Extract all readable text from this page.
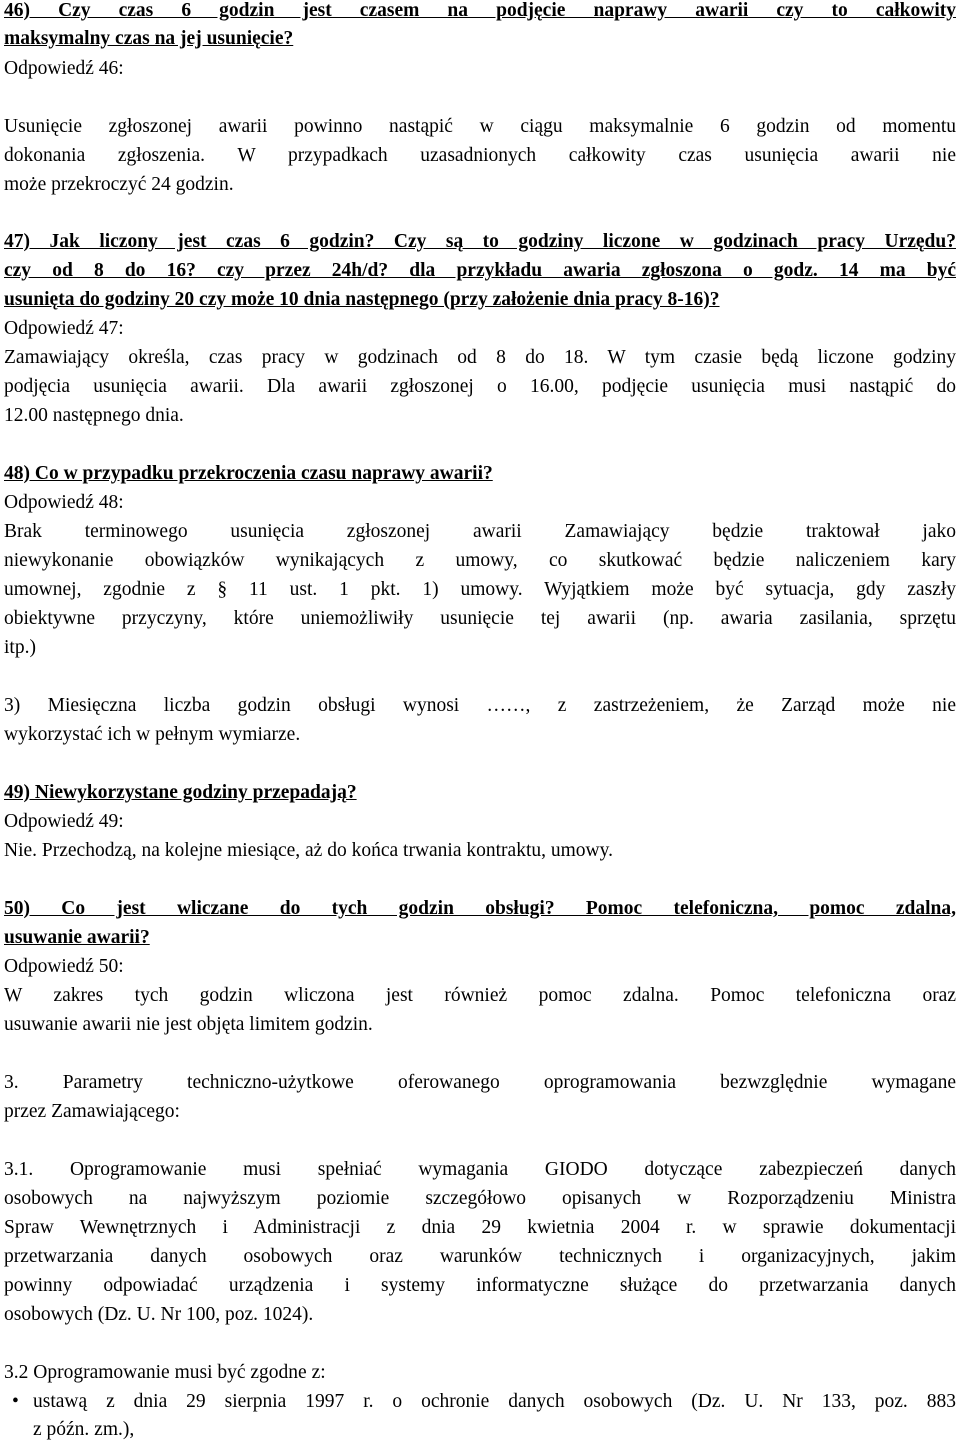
46) Czy czas 6 godzin jest czasem na podjęcie naprawy awarii czy to całkowity
maksymalny czas na jej usunięcie?
Odpowiedź 46:
Usunięcie zgłoszonej awarii powinno nastąpić w ciągu maksymalnie 6 godzin od momentu
dokonania zgłoszenia. W przypadkach uzasadnionych całkowity czas usunięcia awarii nie
może przekroczyć 24 godzin.
47) Jak liczony jest czas 6 godzin? Czy są to godziny liczone w godzinach pracy Urzędu?
czy od 8 do 16? czy przez 24h/d? dla przykładu awaria zgłoszona o godz. 14 ma być
usunięta do godziny 20 czy może 10 dnia następnego (przy założenie dnia pracy 8-16)?
Odpowiedź 47:
Zamawiający określa, czas pracy w godzinach od 8 do 18. W tym czasie będą liczone godziny
podjęcia usunięcia awarii. Dla awarii zgłoszonej o 16.00, podjęcie usunięcia musi nastąpić do
12.00 następnego dnia.
48) Co w przypadku przekroczenia czasu naprawy awarii?
Odpowiedź 48:
Brak terminowego usunięcia zgłoszonej awarii Zamawiający będzie traktował jako
niewykonanie obowiązków wynikających z umowy, co skutkować będzie naliczeniem kary
umownej, zgodnie z § 11 ust. 1 pkt. 1) umowy. Wyjątkiem może być sytuacja, gdy zaszły
obiektywne przyczyny, które uniemożliwiły usunięcie tej awarii (np. awaria zasilania, sprzętu
itp.)
3) Miesięczna liczba godzin obsługi wynosi ……, z zastrzeżeniem, że Zarząd może nie
wykorzystać ich w pełnym wymiarze.
49) Niewykorzystane godziny przepadają?
Odpowiedź 49:
Nie. Przechodzą, na kolejne miesiące, aż do końca trwania kontraktu, umowy.
50) Co jest wliczane do tych godzin obsługi? Pomoc telefoniczna, pomoc zdalna,
usuwanie awarii?
Odpowiedź 50:
W zakres tych godzin wliczona jest również pomoc zdalna. Pomoc telefoniczna oraz
usuwanie awarii nie jest objęta limitem godzin.
3. Parametry techniczno-użytkowe oferowanego oprogramowania bezwzględnie wymagane
przez Zamawiającego:
3.1. Oprogramowanie musi spełniać wymagania GIODO dotyczące zabezpieczeń danych
osobowych na najwyższym poziomie szczegółowo opisanych w Rozporządzeniu Ministra
Spraw Wewnętrznych i Administracji z dnia 29 kwietnia 2004 r. w sprawie dokumentacji
przetwarzania danych osobowych oraz warunków technicznych i organizacyjnych, jakim
powinny odpowiadać urządzenia i systemy informatyczne służące do przetwarzania danych
osobowych (Dz. U. Nr 100, poz. 1024).
3.2 Oprogramowanie musi być zgodne z:
• ustawą z dnia 29 sierpnia 1997 r. o ochronie danych osobowych (Dz. U. Nr 133, poz. 883
z późn. zm.),
